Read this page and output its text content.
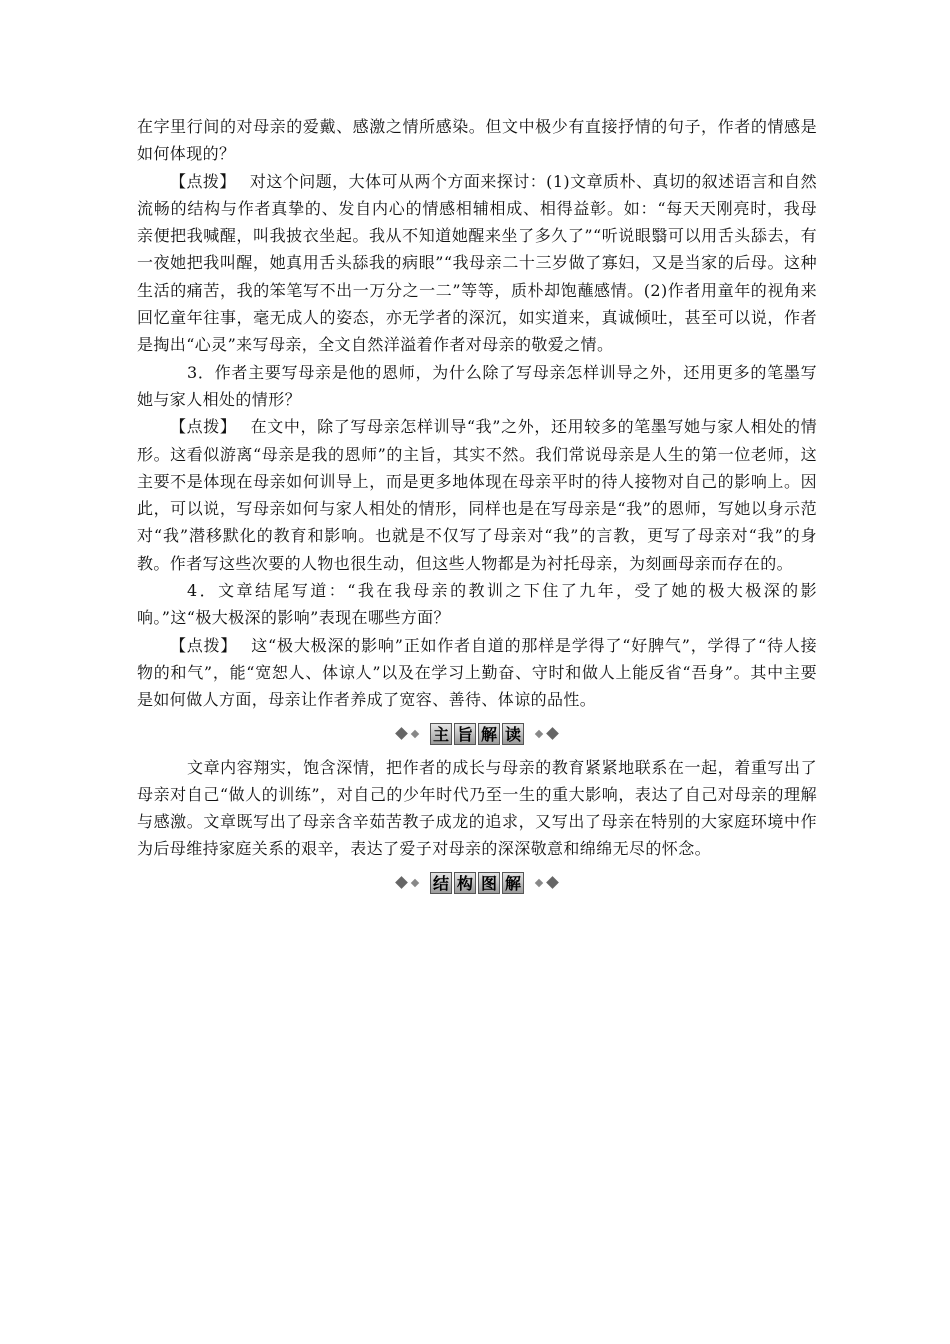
在字里行间的对母亲的爱戴、感激之情所感染。但文中极少有直接抒情的句子，作者的情感是如何体现的？

【点拨】 对这个问题，大体可从两个方面来探讨：(1)文章质朴、真切的叙述语言和自然流畅的结构与作者真挚的、发自内心的情感相辅相成、相得益彰。如：“每天天刚亮时，我母亲便把我喊醒，叫我披衣坐起。我从不知道她醒来坐了多久了”“听说眼翳可以用舌头舔去，有一夜她把我叫醒，她真用舌头舔我的病眼”“我母亲二十三岁做了寡妇，又是当家的后母。这种生活的痛苦，我的笨笔写不出一万分之一二”等等，质朴却饱蘸感情。(2)作者用童年的视角来回忆童年往事，毫无成人的姿态，亦无学者的深沉，如实道来，真诚倾吐，甚至可以说，作者是掏出“心灵”来写母亲，全文自然洋溢着作者对母亲的敬爱之情。

3．作者主要写母亲是他的恩师，为什么除了写母亲怎样训导之外，还用更多的笔墨写她与家人相处的情形？

【点拨】 在文中，除了写母亲怎样训导“我”之外，还用较多的笔墨写她与家人相处的情形。这看似游离“母亲是我的恩师”的主旨，其实不然。我们常说母亲是人生的第一位老师，这主要不是体现在母亲如何训导上，而是更多地体现在母亲平时的待人接物对自己的影响上。因此，可以说，写母亲如何与家人相处的情形，同样也是在写母亲是“我”的恩师，写她以身示范对“我”潜移默化的教育和影响。也就是不仅写了母亲对“我”的言教，更写了母亲对“我”的身教。作者写这些次要的人物也很生动，但这些人物都是为衬托母亲，为刻画母亲而存在的。

4．文章结尾写道：“我在我母亲的教训之下住了九年，受了她的极大极深的影响。”这“极大极深的影响”表现在哪些方面？

【点拨】 这“极大极深的影响”正如作者自道的那样是学得了“好脾气”，学得了“待人接物的和气”，能“宽恕人、体谅人”以及在学习上勤奋、守时和做人上能反省“吾身”。其中主要是如何做人方面，母亲让作者养成了宽容、善待、体谅的品性。

主 旨 解 读

文章内容翔实，饱含深情，把作者的成长与母亲的教育紧紧地联系在一起，着重写出了母亲对自己“做人的训练”，对自己的少年时代乃至一生的重大影响，表达了自己对母亲的理解与感激。文章既写出了母亲含辛茹苦教子成龙的追求，又写出了母亲在特别的大家庭环境中作为后母维持家庭关系的艰辛，表达了爱子对母亲的深深敬意和绵绵无尽的怀念。

结 构 图 解
